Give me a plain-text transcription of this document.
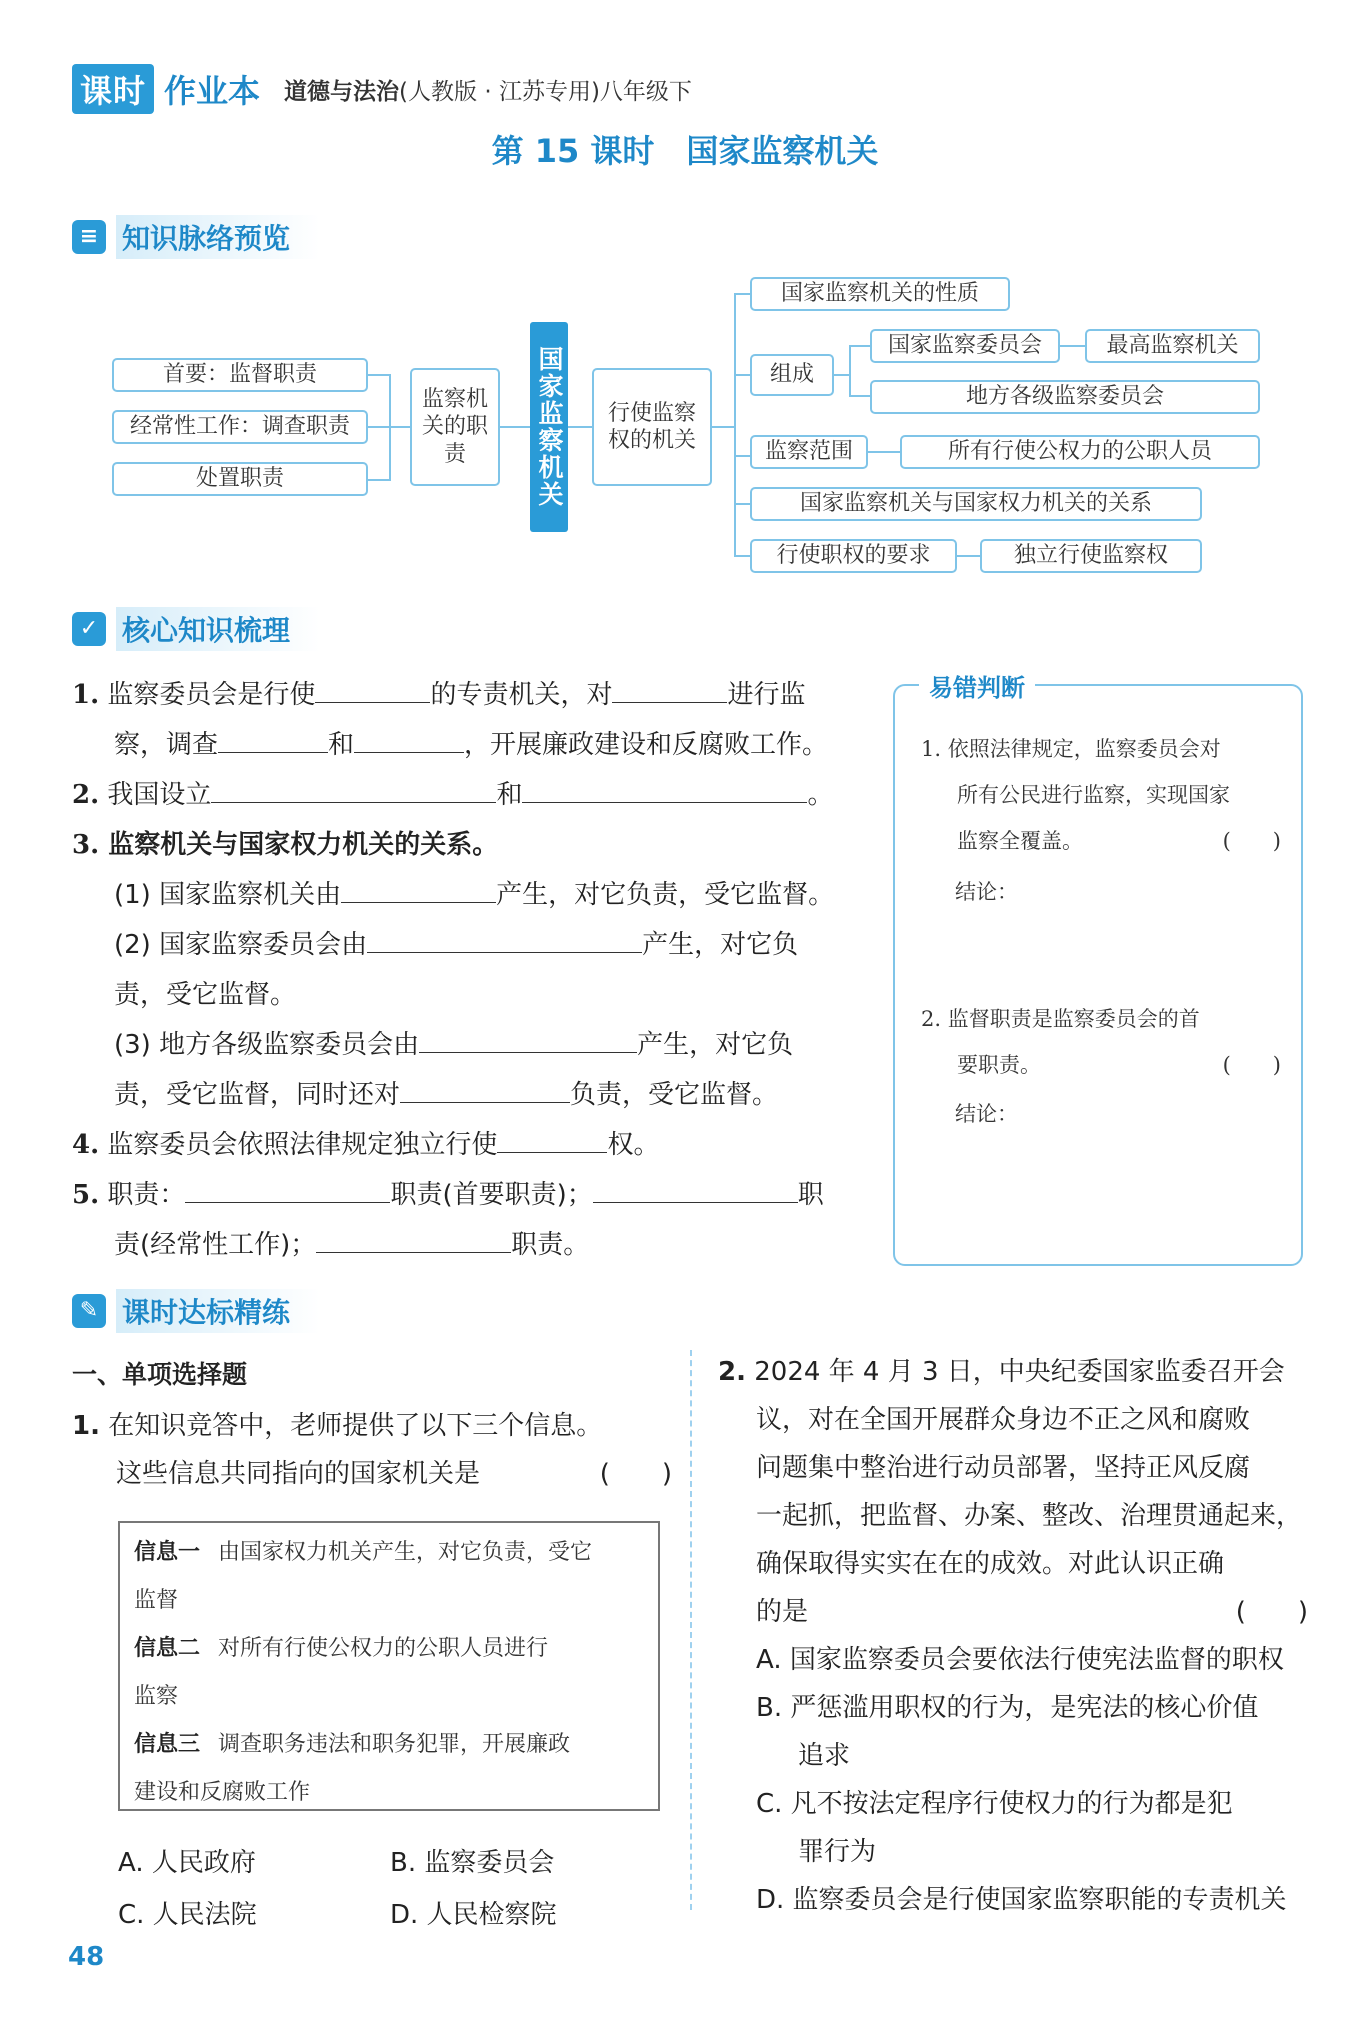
课时 作业本 道德与法治(人教版 · 江苏专用)八年级下
第 15 课时　国家监察机关
≡ 知识脉络预览
首要：监督职责
经常性工作：调查职责
处置职责
监察机关的职责	国家监察机关	行使监察权的机关
国家监察机关的性质
组成
国家监察委员会	最高监察机关
地方各级监察委员会
监察范围	所有行使公权力的公职人员
国家监察机关与国家权力机关的关系
行使职权的要求	独立行使监察权
✓ 核心知识梳理
1. 监察委员会是行使	的专责机关，对	进行监
察，调查	和	，开展廉政建设和反腐败工作。
2. 我国设立	和	。
3. 监察机关与国家权力机关的关系。
(1) 国家监察机关由	产生，对它负责，受它监督。
(2) 国家监察委员会由	产生，对它负
责，受它监督。
(3) 地方各级监察委员会由	产生，对它负
责，受它监督，同时还对	负责，受它监督。
4. 监察委员会依照法律规定独立行使	权。
5. 职责：	职责(首要职责)；	职
责(经常性工作)；	职责。
易错判断
1. 依照法律规定，监察委员会对
所有公民进行监察，实现国家
监察全覆盖。	(　　)
结论：
2. 监督职责是监察委员会的首
要职责。	(　　)
结论：
✎ 课时达标精练
一、单项选择题
1. 在知识竞答中，老师提供了以下三个信息。
这些信息共同指向的国家机关是	(　　)
信息一 由国家权力机关产生，对它负责，受它
监督
信息二 对所有行使公权力的公职人员进行
监察
信息三 调查职务违法和职务犯罪，开展廉政
建设和反腐败工作
A. 人民政府	B. 监察委员会
C. 人民法院	D. 人民检察院
2. 2024 年 4 月 3 日，中央纪委国家监委召开会
议，对在全国开展群众身边不正之风和腐败
问题集中整治进行动员部署，坚持正风反腐
一起抓，把监督、办案、整改、治理贯通起来，
确保取得实实在在的成效。对此认识正确
的是	(　　)
A. 国家监察委员会要依法行使宪法监督的职权
B. 严惩滥用职权的行为，是宪法的核心价值
追求
C. 凡不按法定程序行使权力的行为都是犯
罪行为
D. 监察委员会是行使国家监察职能的专责机关
48
